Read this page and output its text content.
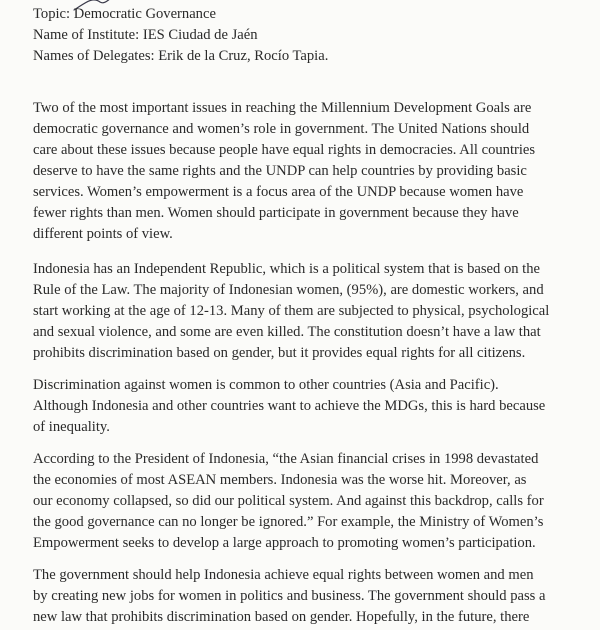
Topic: Democratic Governance
Name of Institute: IES Ciudad de Jaén
Names of Delegates: Erik de la Cruz, Rocío Tapia.

Two of the most important issues in reaching the Millennium Development Goals are
democratic governance and women’s role in government. The United Nations should
care about these issues because people have equal rights in democracies. All countries
deserve to have the same rights and the UNDP can help countries by providing basic
services. Women’s empowerment is a focus area of the UNDP because women have
fewer rights than men. Women should participate in government because they have
different points of view.

Indonesia has an Independent Republic, which is a political system that is based on the
Rule of the Law. The majority of Indonesian women, (95%), are domestic workers, and
start working at the age of 12-13. Many of them are subjected to physical, psychological
and sexual violence, and some are even killed. The constitution doesn’t have a law that
prohibits discrimination based on gender, but it provides equal rights for all citizens.

Discrimination against women is common to other countries (Asia and Pacific).
Although Indonesia and other countries want to achieve the MDGs, this is hard because
of inequality.

According to the President of Indonesia, “the Asian financial crises in 1998 devastated
the economies of most ASEAN members. Indonesia was the worse hit. Moreover, as
our economy collapsed, so did our political system. And against this backdrop, calls for
the good governance can no longer be ignored.” For example, the Ministry of Women’s
Empowerment seeks to develop a large approach to promoting women’s participation.

The government should help Indonesia achieve equal rights between women and men
by creating new jobs for women in politics and business. The government should pass a
new law that prohibits discrimination based on gender. Hopefully, in the future, there
